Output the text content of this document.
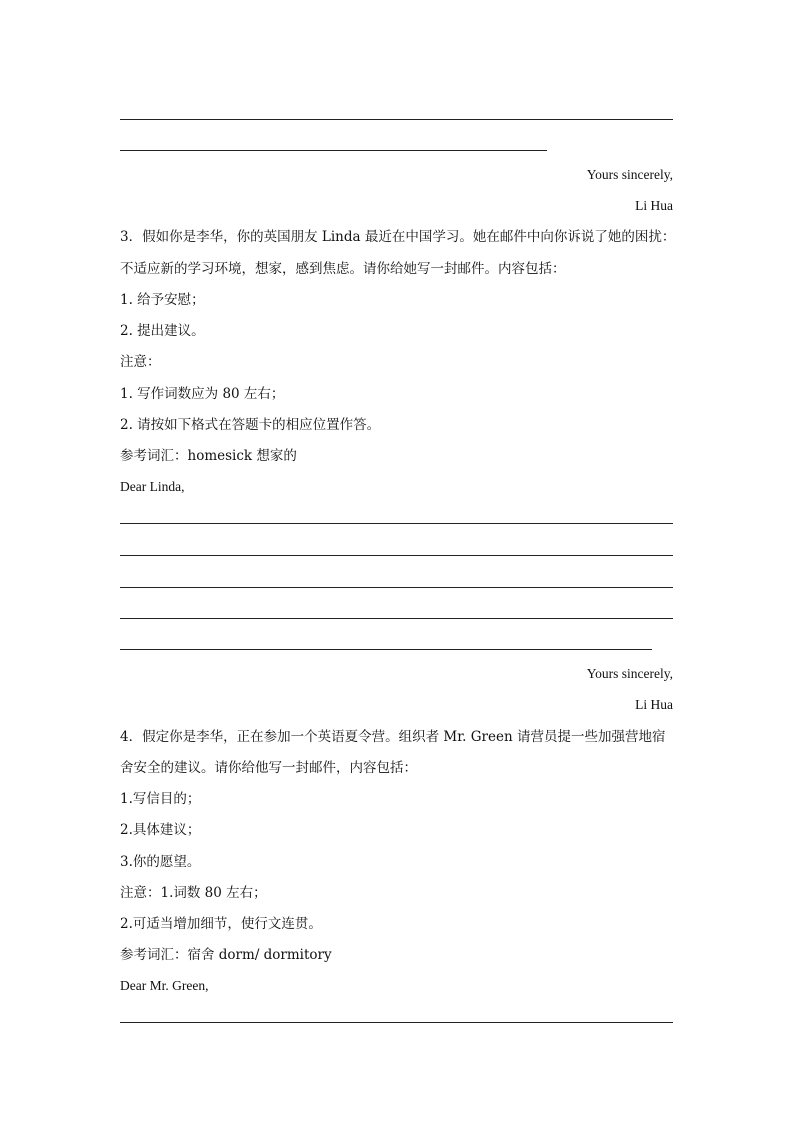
Yours sincerely,
Li Hua
3．假如你是李华，你的英国朋友 Linda 最近在中国学习。她在邮件中向你诉说了她的困扰：
不适应新的学习环境，想家，感到焦虑。请你给她写一封邮件。内容包括：
1. 给予安慰；
2. 提出建议。
注意：
1. 写作词数应为 80 左右；
2. 请按如下格式在答题卡的相应位置作答。
参考词汇：homesick 想家的
Dear Linda,
Yours sincerely,
Li Hua
4．假定你是李华，正在参加一个英语夏令营。组织者 Mr. Green 请营员提一些加强营地宿
舍安全的建议。请你给他写一封邮件，内容包括：
1.写信目的；
2.具体建议；
3.你的愿望。
注意：1.词数 80 左右；
2.可适当增加细节，使行文连贯。
参考词汇：宿舍 dorm/ dormitory
Dear Mr. Green,
